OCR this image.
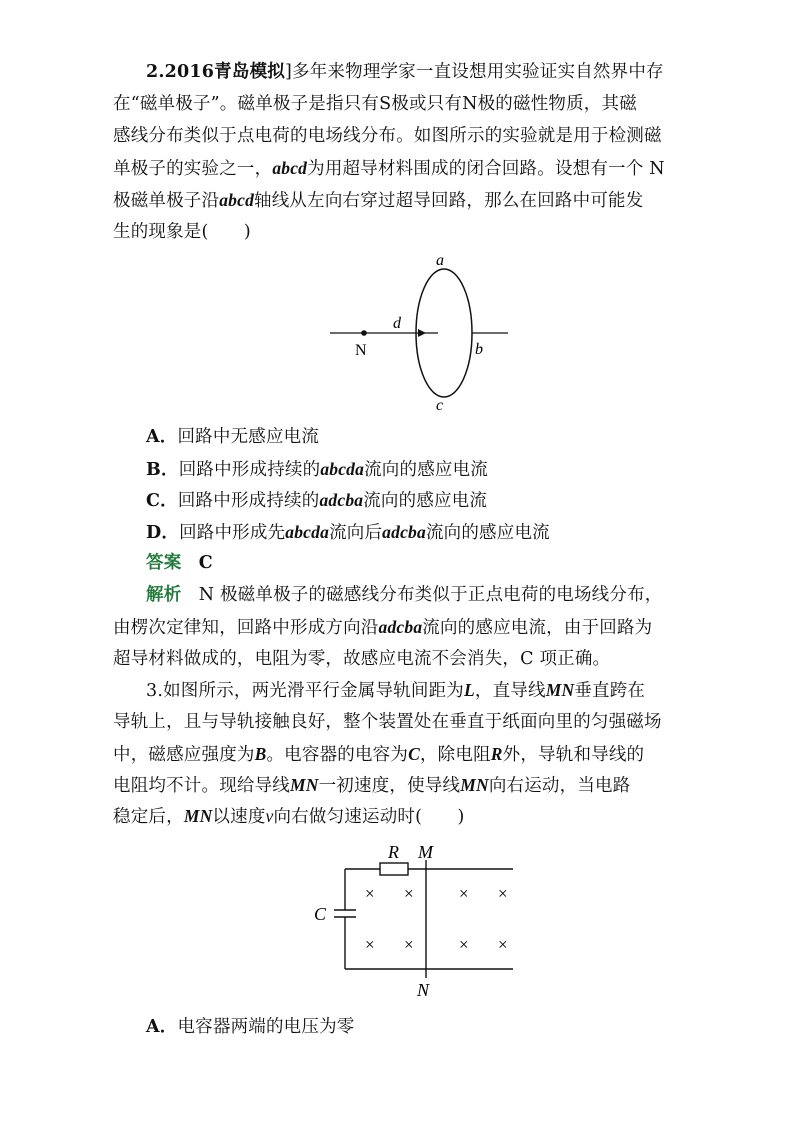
2.2016青岛模拟]多年来物理学家一直设想用实验证实自然界中存
在“磁单极子”。磁单极子是指只有S极或只有N极的磁性物质，其磁
感线分布类似于点电荷的电场线分布。如图所示的实验就是用于检测磁
单极子的实验之一，abcd为用超导材料围成的闭合回路。设想有一个 N
极磁单极子沿abcd轴线从左向右穿过超导回路，那么在回路中可能发
生的现象是(　　)
a
d
N	b
c
A．回路中无感应电流
B．回路中形成持续的abcda流向的感应电流
C．回路中形成持续的adcba流向的感应电流
D．回路中形成先abcda流向后adcba流向的感应电流
答案 C
解析 N 极磁单极子的磁感线分布类似于正点电荷的电场线分布，
由楞次定律知，回路中形成方向沿adcba流向的感应电流，由于回路为
超导材料做成的，电阻为零，故感应电流不会消失，C 项正确。
3.如图所示，两光滑平行金属导轨间距为L，直导线MN垂直跨在
导轨上，且与导轨接触良好，整个装置处在垂直于纸面向里的匀强磁场
中，磁感应强度为B。电容器的电容为C，除电阻R外，导轨和导线的
电阻均不计。现给导线MN一初速度，使导线MN向右运动，当电路
稳定后，MN以速度v向右做匀速运动时(　　)
R M
C
N
× ×	× ×
× ×	× ×
A．电容器两端的电压为零
